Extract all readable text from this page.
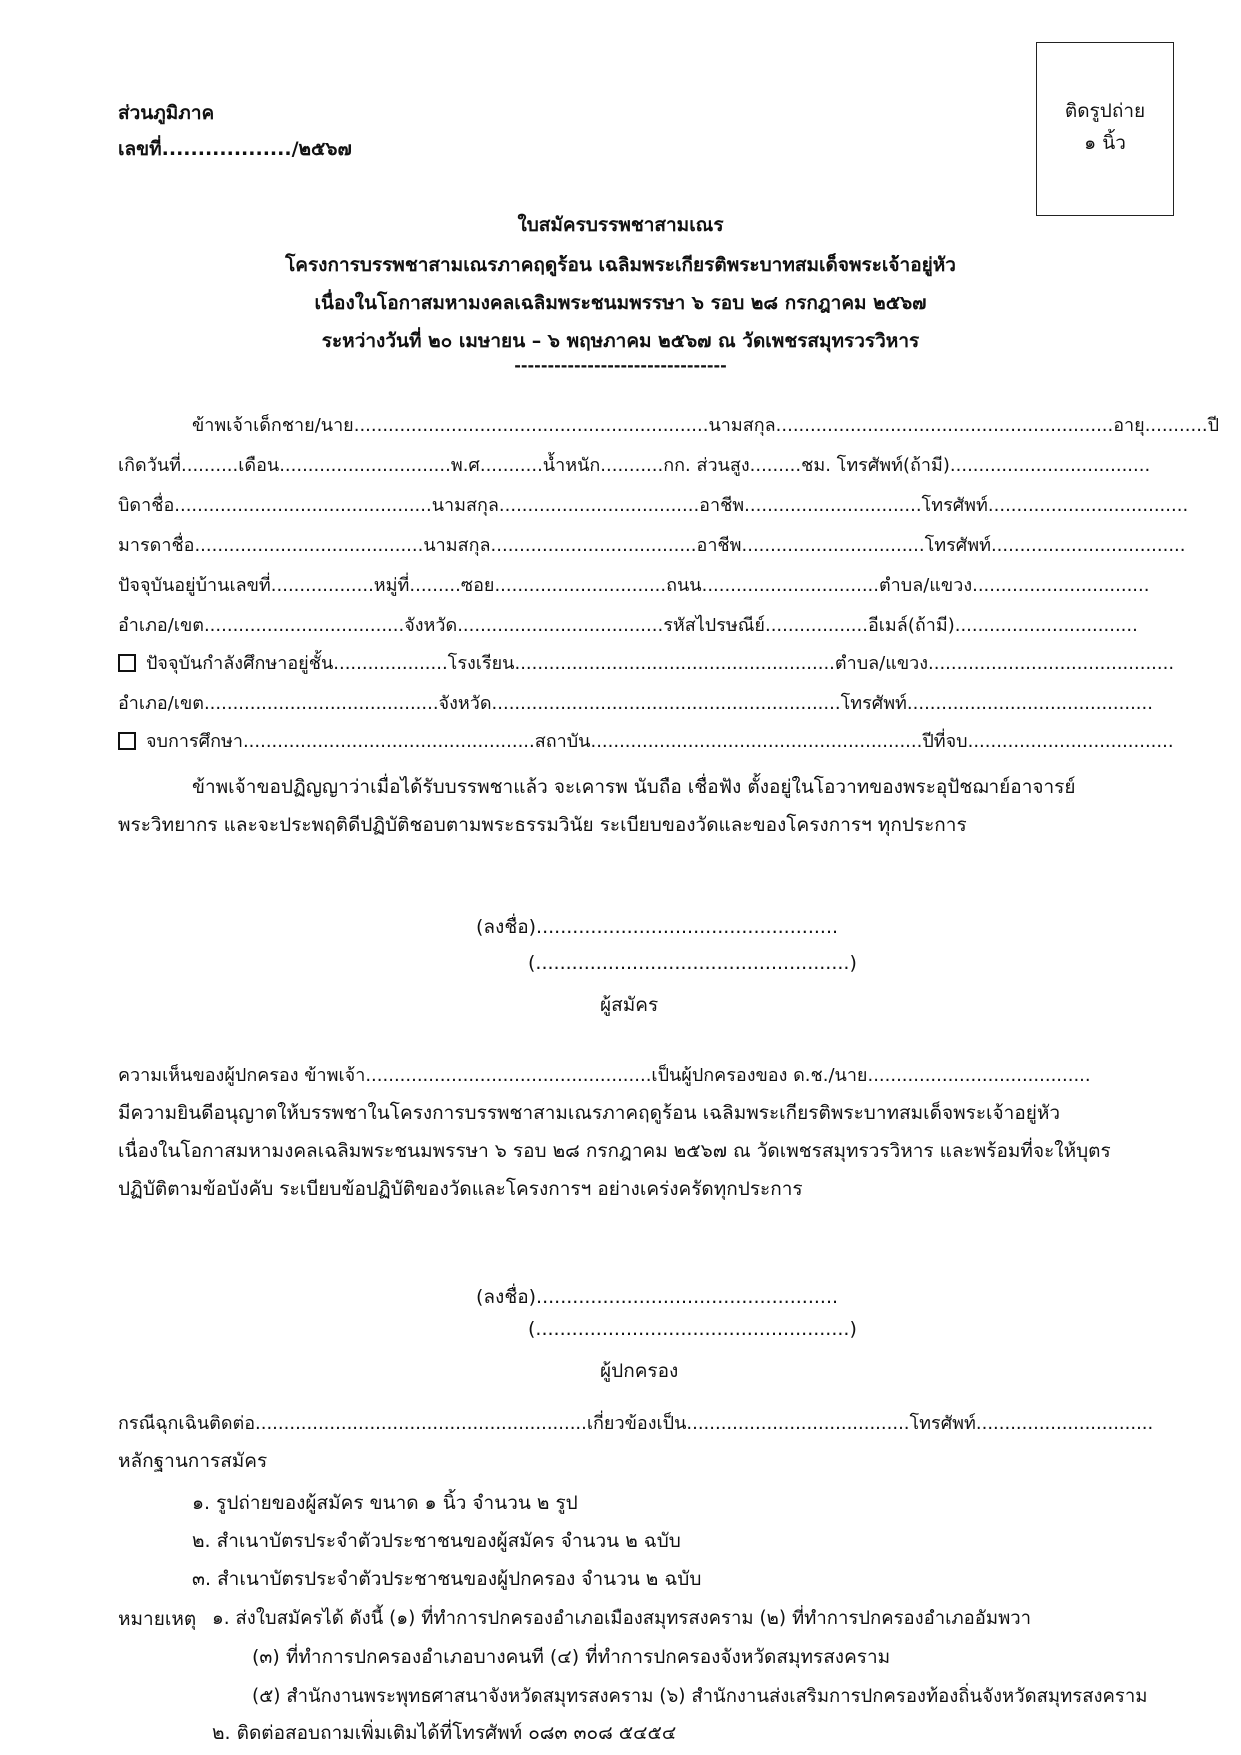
ส่วนภูมิภาค
เลขที่................../๒๕๖๗
ติดรูปถ่าย
๑ นิ้ว
ใบสมัครบรรพชาสามเณร
โครงการบรรพชาสามเณรภาคฤดูร้อน เฉลิมพระเกียรติพระบาทสมเด็จพระเจ้าอยู่หัว
เนื่องในโอกาสมหามงคลเฉลิมพระชนมพรรษา ๖ รอบ ๒๘ กรกฎาคม ๒๕๖๗
ระหว่างวันที่ ๒๐ เมษายน – ๖ พฤษภาคม ๒๕๖๗ ณ วัดเพชรสมุทรวรวิหาร
--------------------------------
ข้าพเจ้าเด็กชาย/นาย..............................................................นามสกุล...........................................................อายุ...........ปี
เกิดวันที่..........เดือน..............................พ.ศ...........น้ำหนัก...........กก. ส่วนสูง.........ชม. โทรศัพท์(ถ้ามี)...................................
บิดาชื่อ.............................................นามสกุล...................................อาชีพ...............................โทรศัพท์...................................
มารดาชื่อ........................................นามสกุล....................................อาชีพ................................โทรศัพท์..................................
ปัจจุบันอยู่บ้านเลขที่..................หมู่ที่.........ซอย..............................ถนน...............................ตำบล/แขวง...............................
อำเภอ/เขต...................................จังหวัด....................................รหัสไปรษณีย์..................อีเมล์(ถ้ามี)................................
ปัจจุบันกำลังศึกษาอยู่ชั้น....................โรงเรียน........................................................ตำบล/แขวง...........................................
อำเภอ/เขต.........................................จังหวัด.............................................................โทรศัพท์...........................................
จบการศึกษา...................................................สถาบัน..........................................................ปีที่จบ....................................
ข้าพเจ้าขอปฏิญญาว่าเมื่อได้รับบรรพชาแล้ว จะเคารพ นับถือ เชื่อฟัง ตั้งอยู่ในโอวาทของพระอุปัชฌาย์อาจารย์
พระวิทยากร และจะประพฤติดีปฏิบัติชอบตามพระธรรมวินัย ระเบียบของวัดและของโครงการฯ ทุกประการ
(ลงชื่อ)..................................................
(....................................................)
ผู้สมัคร
ความเห็นของผู้ปกครอง ข้าพเจ้า..................................................เป็นผู้ปกครองของ ด.ช./นาย.......................................
มีความยินดีอนุญาตให้บรรพชาในโครงการบรรพชาสามเณรภาคฤดูร้อน เฉลิมพระเกียรติพระบาทสมเด็จพระเจ้าอยู่หัว
เนื่องในโอกาสมหามงคลเฉลิมพระชนมพรรษา ๖ รอบ ๒๘ กรกฎาคม ๒๕๖๗ ณ วัดเพชรสมุทรวรวิหาร และพร้อมที่จะให้บุตร
ปฏิบัติตามข้อบังคับ ระเบียบข้อปฏิบัติของวัดและโครงการฯ อย่างเคร่งครัดทุกประการ
(ลงชื่อ)..................................................
(....................................................)
ผู้ปกครอง
กรณีฉุกเฉินติดต่อ..........................................................เกี่ยวข้องเป็น.......................................โทรศัพท์...............................
หลักฐานการสมัคร
๑. รูปถ่ายของผู้สมัคร ขนาด ๑ นิ้ว จำนวน ๒ รูป
๒. สำเนาบัตรประจำตัวประชาชนของผู้สมัคร จำนวน ๒ ฉบับ
๓. สำเนาบัตรประจำตัวประชาชนของผู้ปกครอง จำนวน ๒ ฉบับ
หมายเหตุ ๑. ส่งใบสมัครได้ ดังนี้ (๑) ที่ทำการปกครองอำเภอเมืองสมุทรสงคราม (๒) ที่ทำการปกครองอำเภออัมพวา
(๓) ที่ทำการปกครองอำเภอบางคนที (๔) ที่ทำการปกครองจังหวัดสมุทรสงคราม
(๕) สำนักงานพระพุทธศาสนาจังหวัดสมุทรสงคราม (๖) สำนักงานส่งเสริมการปกครองท้องถิ่นจังหวัดสมุทรสงคราม
๒. ติดต่อสอบถามเพิ่มเติมได้ที่โทรศัพท์ ๐๘๓ ๓๐๘ ๕๔๕๔
